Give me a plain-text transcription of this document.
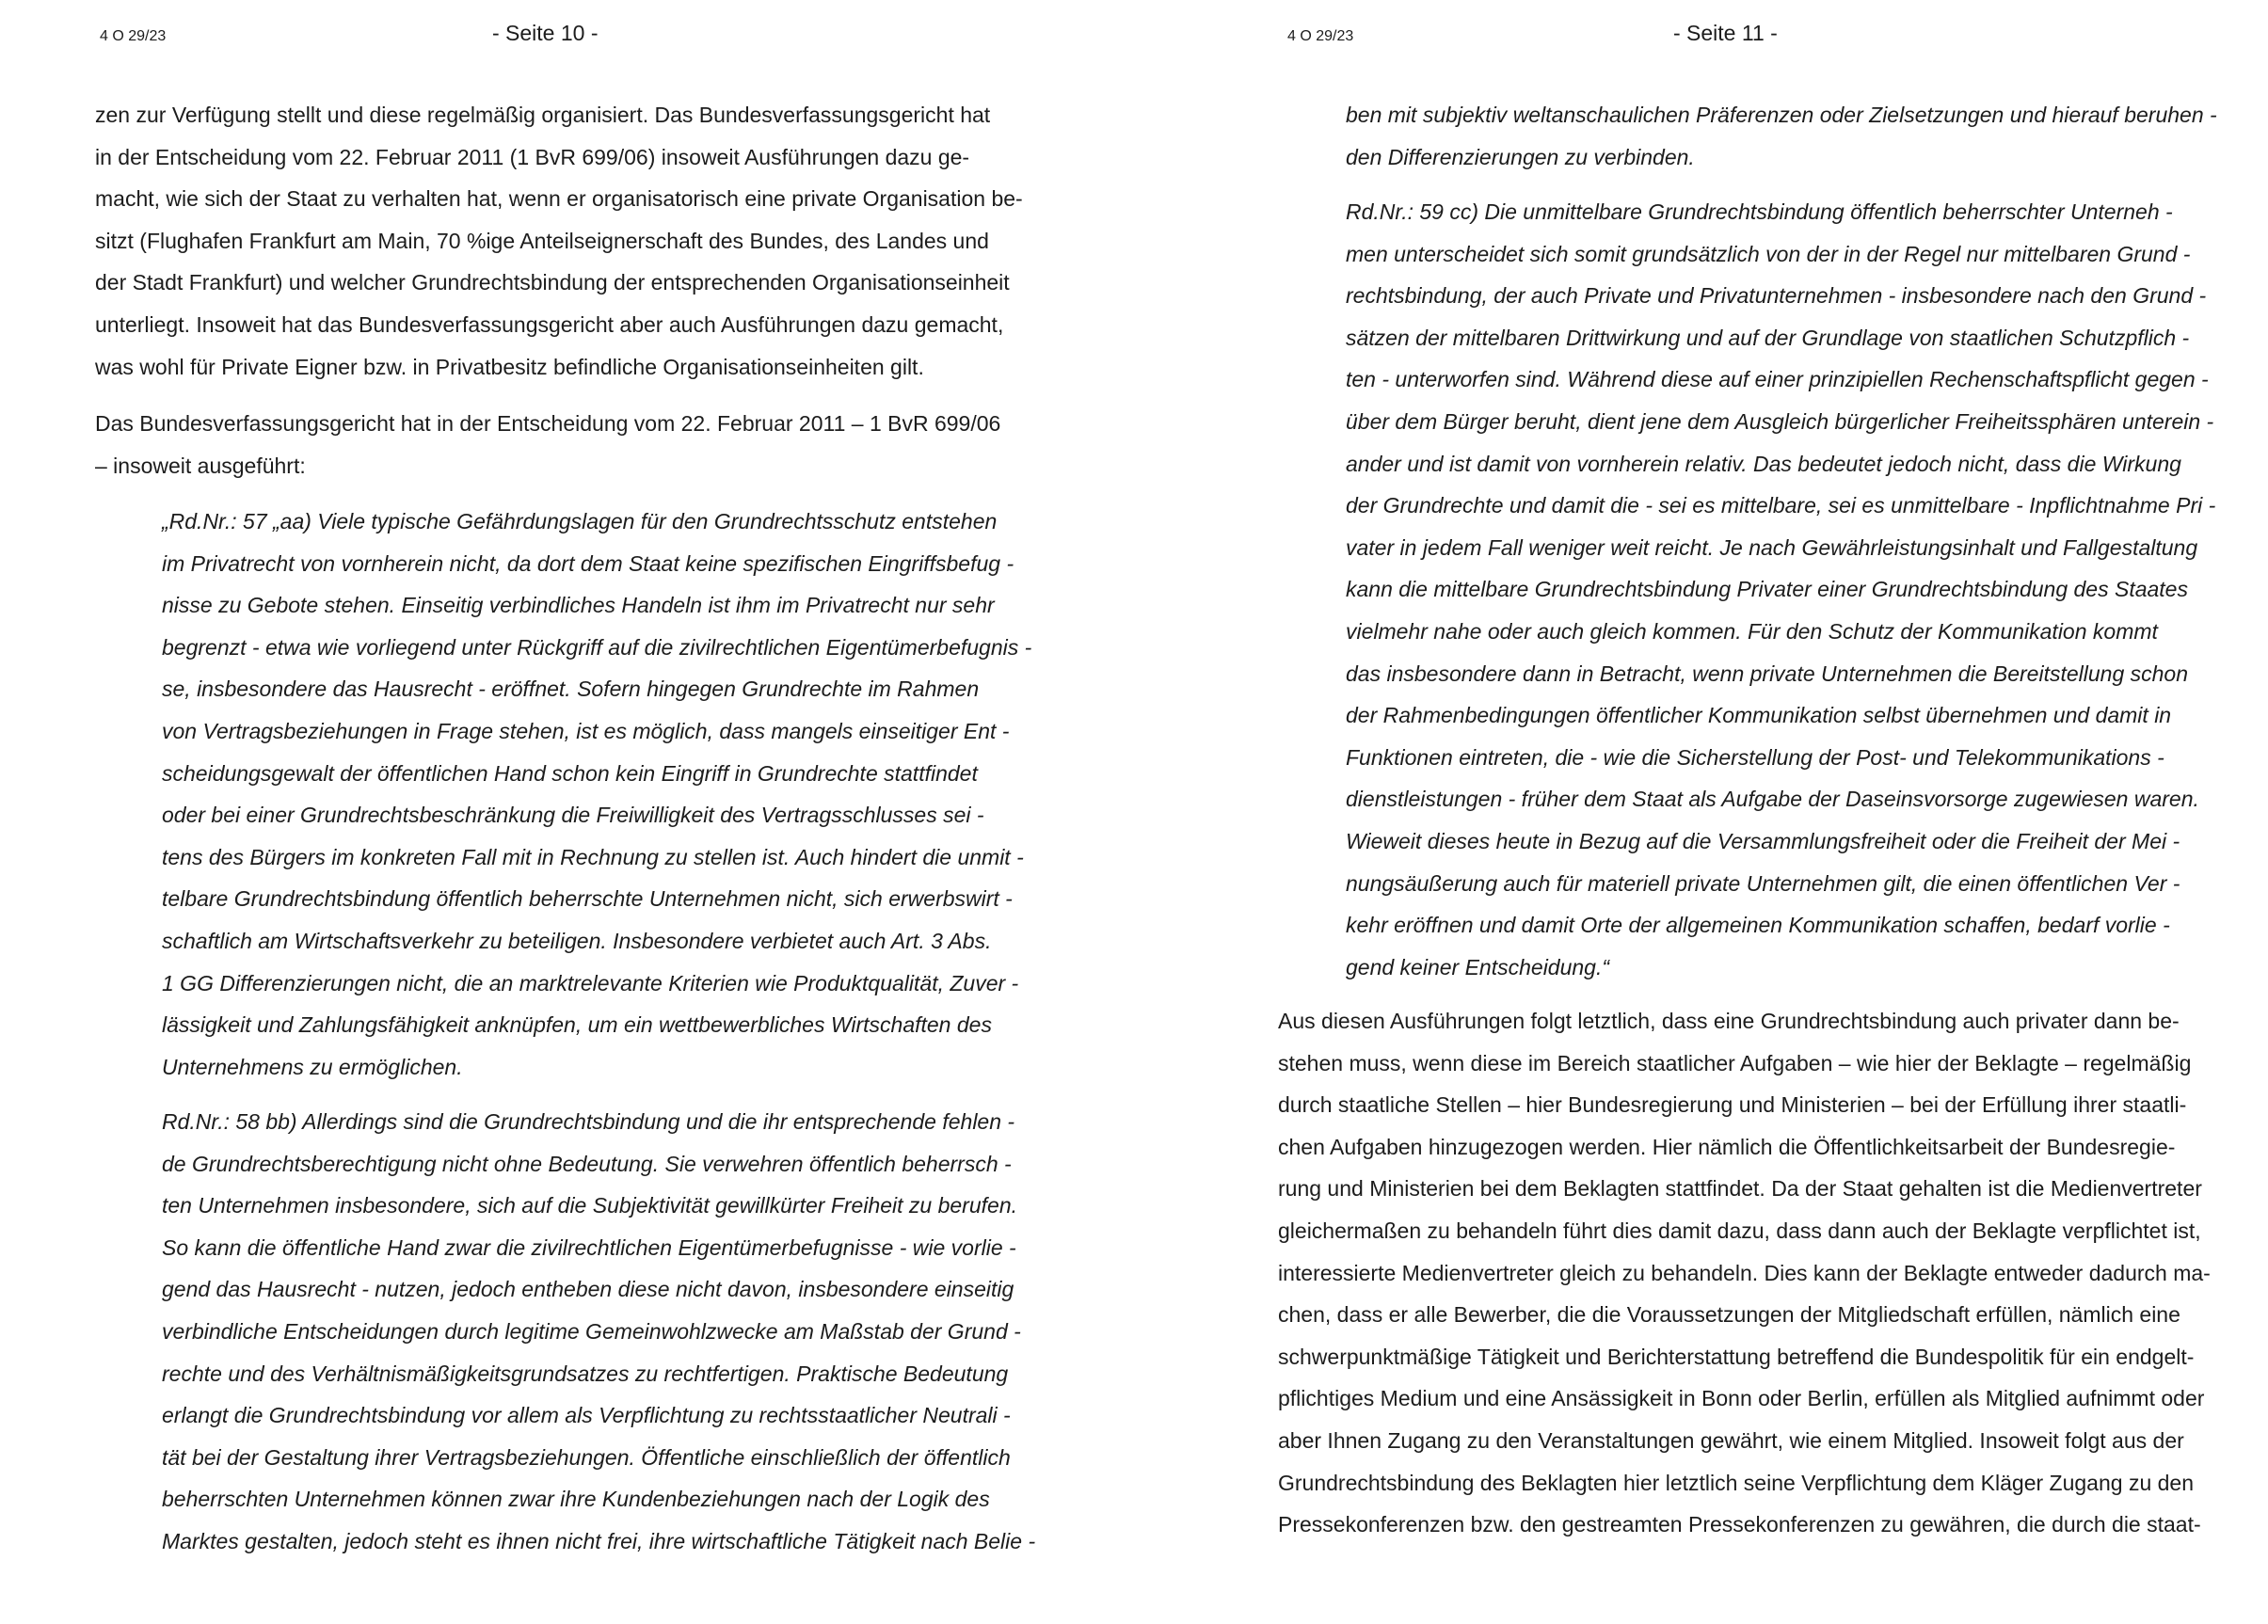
4 O 29/23	- Seite 10 -
zen zur Verfügung stellt und diese regelmäßig organisiert. Das Bundesverfassungsgericht hat
in der Entscheidung vom 22. Februar 2011 (1 BvR 699/06) insoweit Ausführungen dazu ge-
macht, wie sich der Staat zu verhalten hat, wenn er organisatorisch eine private Organisation be-
sitzt (Flughafen Frankfurt am Main, 70 %ige Anteilseignerschaft des Bundes, des Landes und
der Stadt Frankfurt) und welcher Grundrechtsbindung der entsprechenden Organisationseinheit
unterliegt. Insoweit hat das Bundesverfassungsgericht aber auch Ausführungen dazu gemacht,
was wohl für Private Eigner bzw. in Privatbesitz befindliche Organisationseinheiten gilt.
Das Bundesverfassungsgericht hat in der Entscheidung vom 22. Februar 2011 – 1 BvR 699/06
– insoweit ausgeführt:
„Rd.Nr.: 57 „aa) Viele typische Gefährdungslagen für den Grundrechtsschutz entstehen
im Privatrecht von vornherein nicht, da dort dem Staat keine spezifischen Eingriffsbefug -
nisse zu Gebote stehen. Einseitig verbindliches Handeln ist ihm im Privatrecht nur sehr
begrenzt - etwa wie vorliegend unter Rückgriff auf die zivilrechtlichen Eigentümerbefugnis -
se, insbesondere das Hausrecht - eröffnet. Sofern hingegen Grundrechte im Rahmen
von Vertragsbeziehungen in Frage stehen, ist es möglich, dass mangels einseitiger Ent -
scheidungsgewalt der öffentlichen Hand schon kein Eingriff in Grundrechte stattfindet
oder bei einer Grundrechtsbeschränkung die Freiwilligkeit des Vertragsschlusses sei -
tens des Bürgers im konkreten Fall mit in Rechnung zu stellen ist. Auch hindert die unmit -
telbare Grundrechtsbindung öffentlich beherrschte Unternehmen nicht, sich erwerbswirt -
schaftlich am Wirtschaftsverkehr zu beteiligen. Insbesondere verbietet auch Art. 3 Abs.
1 GG Differenzierungen nicht, die an marktrelevante Kriterien wie Produktqualität, Zuver -
lässigkeit und Zahlungsfähigkeit anknüpfen, um ein wettbewerbliches Wirtschaften des
Unternehmens zu ermöglichen.
Rd.Nr.: 58 bb) Allerdings sind die Grundrechtsbindung und die ihr entsprechende fehlen -
de Grundrechtsberechtigung nicht ohne Bedeutung. Sie verwehren öffentlich beherrsch -
ten Unternehmen insbesondere, sich auf die Subjektivität gewillkürter Freiheit zu berufen.
So kann die öffentliche Hand zwar die zivilrechtlichen Eigentümerbefugnisse - wie vorlie -
gend das Hausrecht - nutzen, jedoch entheben diese nicht davon, insbesondere einseitig
verbindliche Entscheidungen durch legitime Gemeinwohlzwecke am Maßstab der Grund -
rechte und des Verhältnismäßigkeitsgrundsatzes zu rechtfertigen. Praktische Bedeutung
erlangt die Grundrechtsbindung vor allem als Verpflichtung zu rechtsstaatlicher Neutrali -
tät bei der Gestaltung ihrer Vertragsbeziehungen. Öffentliche einschließlich der öffentlich
beherrschten Unternehmen können zwar ihre Kundenbeziehungen nach der Logik des
Marktes gestalten, jedoch steht es ihnen nicht frei, ihre wirtschaftliche Tätigkeit nach Belie -
4 O 29/23	- Seite 11 -
ben mit subjektiv weltanschaulichen Präferenzen oder Zielsetzungen und hierauf beruhen -
den Differenzierungen zu verbinden.
Rd.Nr.: 59 cc) Die unmittelbare Grundrechtsbindung öffentlich beherrschter Unterneh -
men unterscheidet sich somit grundsätzlich von der in der Regel nur mittelbaren Grund -
rechtsbindung, der auch Private und Privatunternehmen - insbesondere nach den Grund -
sätzen der mittelbaren Drittwirkung und auf der Grundlage von staatlichen Schutzpflich -
ten - unterworfen sind. Während diese auf einer prinzipiellen Rechenschaftspflicht gegen -
über dem Bürger beruht, dient jene dem Ausgleich bürgerlicher Freiheitssphären unterein -
ander und ist damit von vornherein relativ. Das bedeutet jedoch nicht, dass die Wirkung
der Grundrechte und damit die - sei es mittelbare, sei es unmittelbare - Inpflichtnahme Pri -
vater in jedem Fall weniger weit reicht. Je nach Gewährleistungsinhalt und Fallgestaltung
kann die mittelbare Grundrechtsbindung Privater einer Grundrechtsbindung des Staates
vielmehr nahe oder auch gleich kommen. Für den Schutz der Kommunikation kommt
das insbesondere dann in Betracht, wenn private Unternehmen die Bereitstellung schon
der Rahmenbedingungen öffentlicher Kommunikation selbst übernehmen und damit in
Funktionen eintreten, die - wie die Sicherstellung der Post- und Telekommunikations -
dienstleistungen - früher dem Staat als Aufgabe der Daseinsvorsorge zugewiesen waren.
Wieweit dieses heute in Bezug auf die Versammlungsfreiheit oder die Freiheit der Mei -
nungsäußerung auch für materiell private Unternehmen gilt, die einen öffentlichen Ver -
kehr eröffnen und damit Orte der allgemeinen Kommunikation schaffen, bedarf vorlie -
gend keiner Entscheidung.“
Aus diesen Ausführungen folgt letztlich, dass eine Grundrechtsbindung auch privater dann be-
stehen muss, wenn diese im Bereich staatlicher Aufgaben – wie hier der Beklagte – regelmäßig
durch staatliche Stellen – hier Bundesregierung und Ministerien – bei der Erfüllung ihrer staatli-
chen Aufgaben hinzugezogen werden. Hier nämlich die Öffentlichkeitsarbeit der Bundesregie-
rung und Ministerien bei dem Beklagten stattfindet. Da der Staat gehalten ist die Medienvertreter
gleichermaßen zu behandeln führt dies damit dazu, dass dann auch der Beklagte verpflichtet ist,
interessierte Medienvertreter gleich zu behandeln. Dies kann der Beklagte entweder dadurch ma-
chen, dass er alle Bewerber, die die Voraussetzungen der Mitgliedschaft erfüllen, nämlich eine
schwerpunktmäßige Tätigkeit und Berichterstattung betreffend die Bundespolitik für ein endgelt-
pflichtiges Medium und eine Ansässigkeit in Bonn oder Berlin, erfüllen als Mitglied aufnimmt oder
aber Ihnen Zugang zu den Veranstaltungen gewährt, wie einem Mitglied. Insoweit folgt aus der
Grundrechtsbindung des Beklagten hier letztlich seine Verpflichtung dem Kläger Zugang zu den
Pressekonferenzen bzw. den gestreamten Pressekonferenzen zu gewähren, die durch die staat-
